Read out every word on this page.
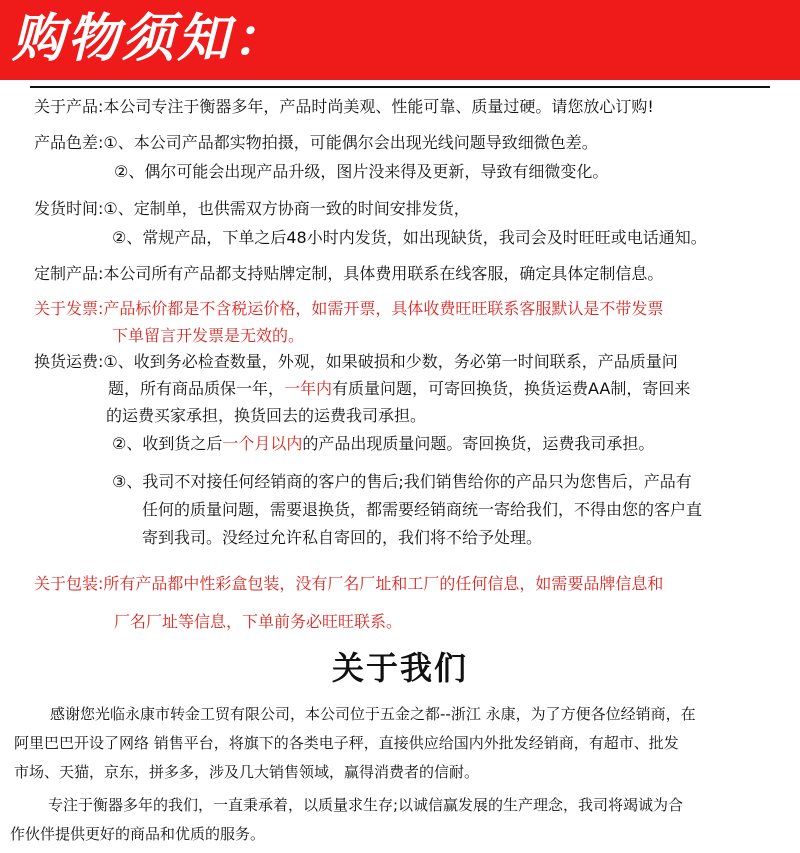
购物须知：
关于产品:本公司专注于衡器多年，产品时尚美观、性能可靠、质量过硬。请您放心订购!
产品色差:①、本公司产品都实物拍摄，可能偶尔会出现光线问题导致细微色差。
②、偶尔可能会出现产品升级，图片没来得及更新，导致有细微变化。
发货时间:①、定制单，也供需双方协商一致的时间安排发货，
②、常规产品，下单之后48小时内发货，如出现缺货，我司会及时旺旺或电话通知。
定制产品:本公司所有产品都支持贴牌定制，具体费用联系在线客服，确定具体定制信息。
关于发票:产品标价都是不含税运价格，如需开票，具体收费旺旺联系客服默认是不带发票
下单留言开发票是无效的。
换货运费:①、收到务必检查数量，外观，如果破损和少数，务必第一时间联系，产品质量问
题，所有商品质保一年，一年内有质量问题，可寄回换货，换货运费AA制，寄回来
的运费买家承担，换货回去的运费我司承担。
②、收到货之后一个月以内的产品出现质量问题。寄回换货，运费我司承担。
③、我司不对接任何经销商的客户的售后;我们销售给你的产品只为您售后，产品有
任何的质量问题，需要退换货，都需要经销商统一寄给我们，不得由您的客户直
寄到我司。没经过允许私自寄回的，我们将不给予处理。
关于包装:所有产品都中性彩盒包装，没有厂名厂址和工厂的任何信息，如需要品牌信息和
厂名厂址等信息，下单前务必旺旺联系。
关于我们
感谢您光临永康市转金工贸有限公司，本公司位于五金之都--浙江 永康，为了方便各位经销商，在
阿里巴巴开设了网络 销售平台，将旗下的各类电子秤，直接供应给国内外批发经销商，有超市、批发
市场、天猫，京东，拼多多，涉及几大销售领域，赢得消费者的信耐。
专注于衡器多年的我们，一直秉承着，以质量求生存;以诚信赢发展的生产理念，我司将竭诚为合
作伙伴提供更好的商品和优质的服务。
